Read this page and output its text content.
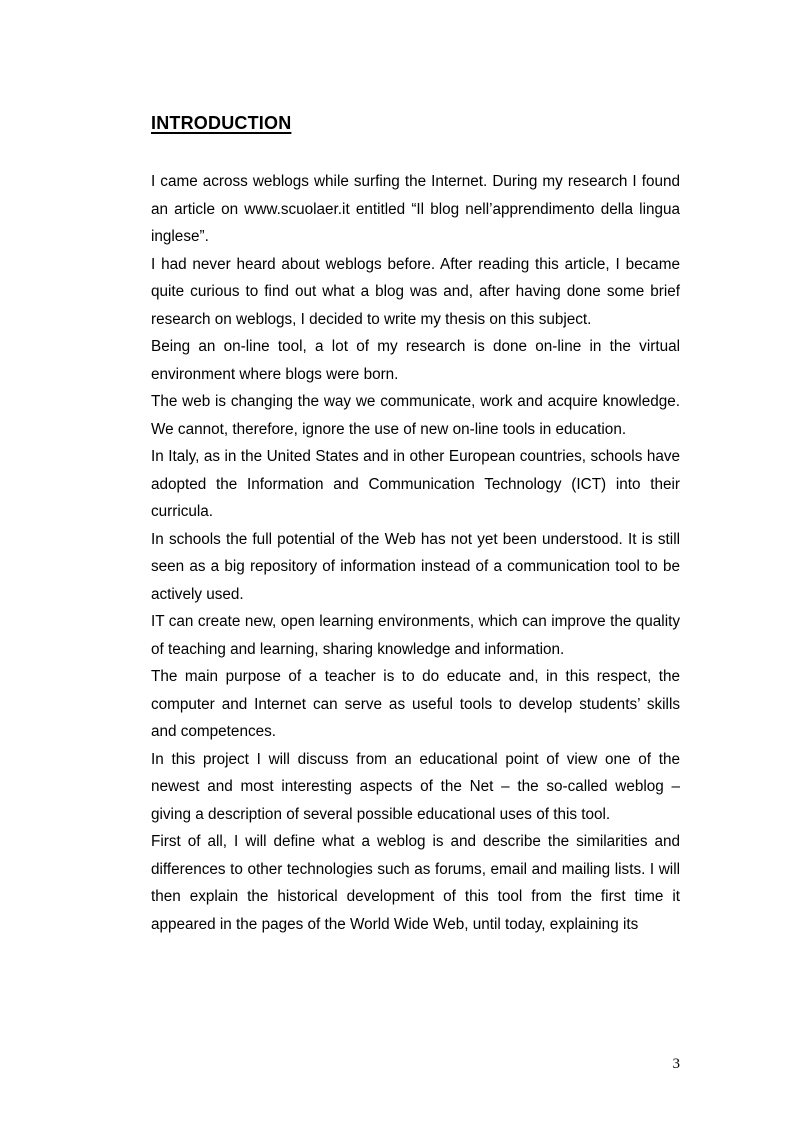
INTRODUCTION

I came across weblogs while surfing the Internet. During my research I found an article on www.scuolaer.it entitled “Il blog nell’apprendimento della lingua inglese”.

I had never heard about weblogs before. After reading this article, I became quite curious to find out what a blog was and, after having done some brief research on weblogs, I decided to write my thesis on this subject.

Being an on-line tool, a lot of my research is done on-line in the virtual environment where blogs were born.

The web is changing the way we communicate, work and acquire knowledge. We cannot, therefore, ignore the use of new on-line tools in education.

In Italy, as in the United States and in other European countries, schools have adopted the Information and Communication Technology (ICT) into their curricula.

In schools the full potential of the Web has not yet been understood. It is still seen as a big repository of information instead of a communication tool to be actively used.

IT can create new, open learning environments, which can improve the quality of teaching and learning, sharing knowledge and information.

The main purpose of a teacher is to do educate and, in this respect, the computer and Internet can serve as useful tools to develop students’ skills and competences.

In this project I will discuss from an educational point of view one of the newest and most interesting aspects of the Net – the so-called weblog – giving a description of several possible educational uses of this tool.

First of all, I will define what a weblog is and describe the similarities and differences to other technologies such as forums, email and mailing lists. I will then explain the historical development of this tool from the first time it appeared in the pages of the World Wide Web, until today, explaining its

3
